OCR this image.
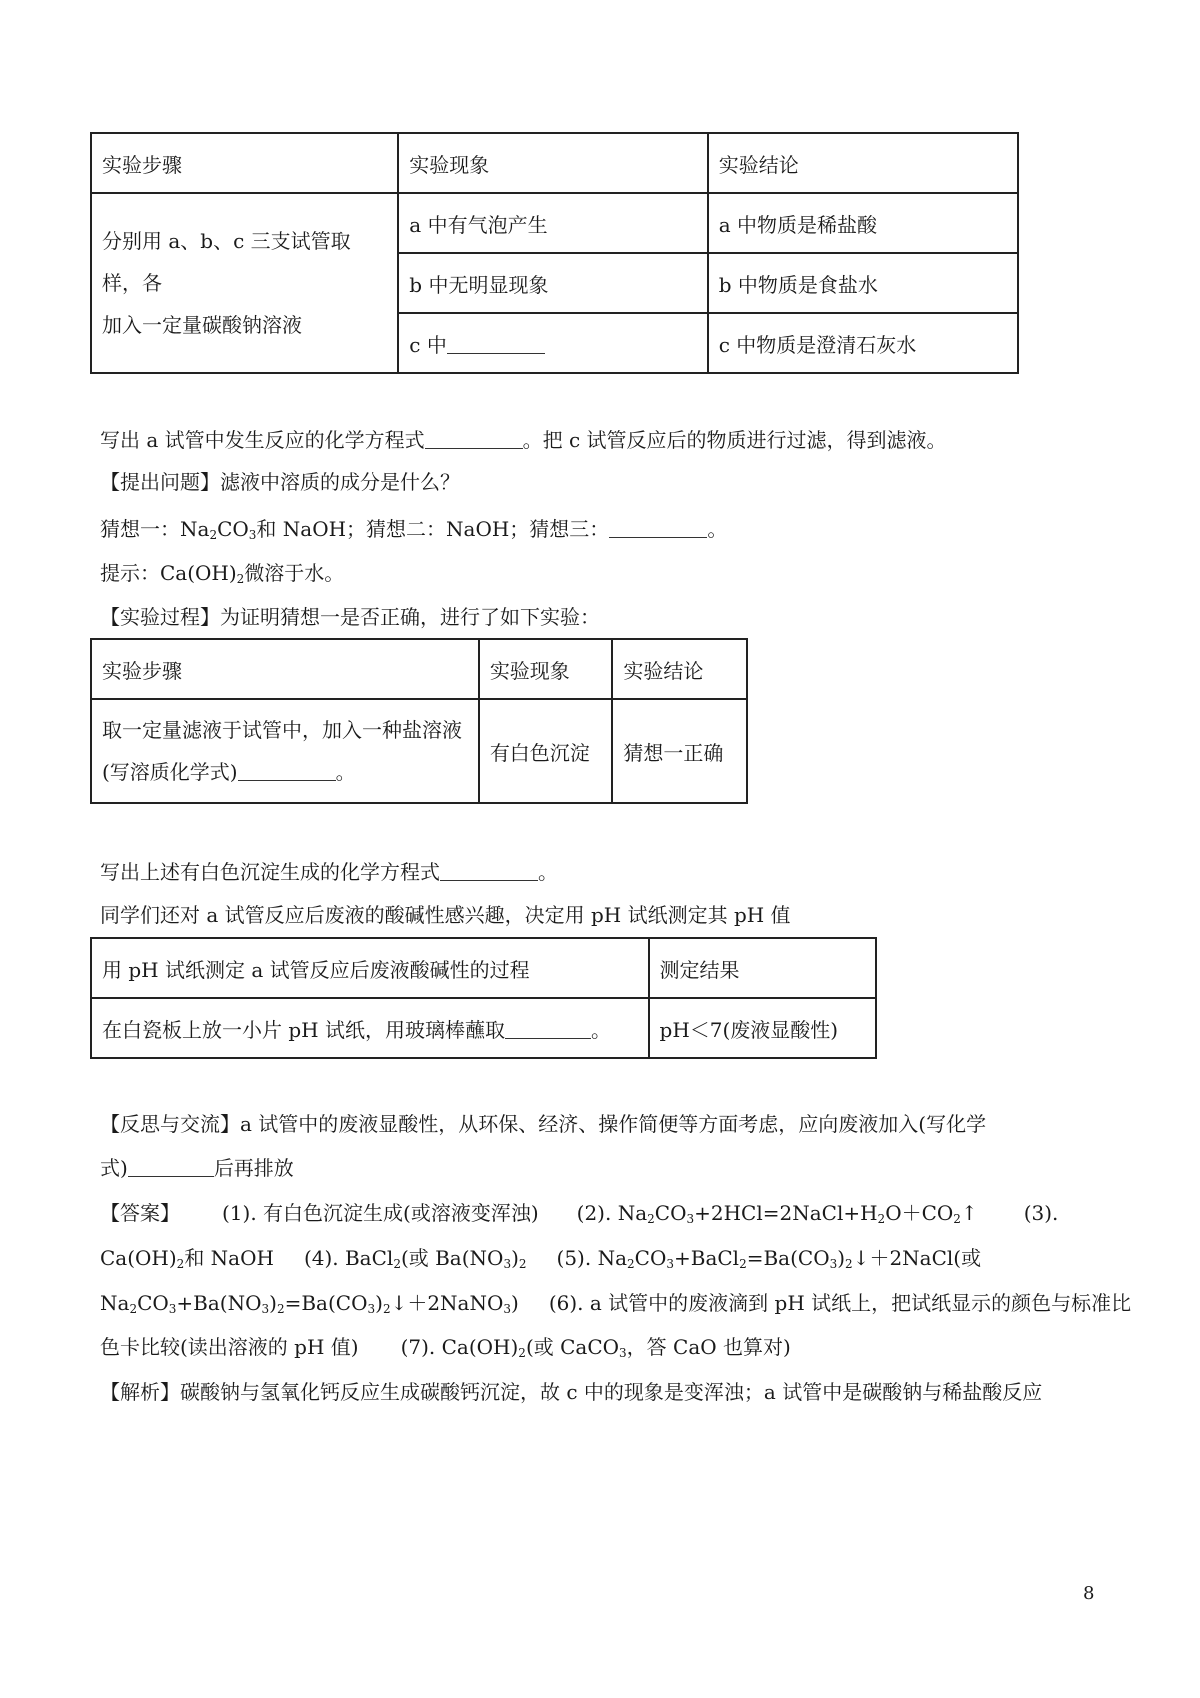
实验步骤	实验现象	实验结论

分别用 a、b、c 三支试管取样，各
加入一定量碳酸钠溶液	a 中有气泡产生	a 中物质是稀盐酸
	b 中无明显现象	b 中物质是食盐水
	c 中	c 中物质是澄清石灰水
写出 a 试管中发生反应的化学方程式	。把 c 试管反应后的物质进行过滤，得到滤液。
【提出问题】滤液中溶质的成分是什么？
猜想一：$Na_2CO_3$和 NaOH；猜想二：NaOH；猜想三：	。
提示：$Ca(OH)_2$微溶于水。
【实验过程】为证明猜想一是否正确，进行了如下实验：
实验步骤	实验现象	实验结论

取一定量滤液于试管中，加入一种盐溶液
(写溶质化学式) 。	有白色沉淀	猜想一正确
写出上述有白色沉淀生成的化学方程式	。
同学们还对 a 试管反应后废液的酸碱性感兴趣，决定用 pH 试纸测定其 pH 值
用 pH 试纸测定 a 试管反应后废液酸碱性的过程	测定结果
在白瓷板上放一小片 pH 试纸，用玻璃棒蘸取 。	pH＜7(废液显酸性)
【反思与交流】a 试管中的废液显酸性，从环保、经济、操作简便等方面考虑，应向废液加入(写化学
式)	后再排放
【答案】 (1). 有白色沉淀生成(或溶液变浑浊) (2). $Na_2CO_3+2HCl=2NaCl+H_2O+CO_2↑$ (3).
$Ca(OH)_2$和 NaOH (4). BaCl$_2$(或 $Ba(NO_3)_2$ (5). $Na_2CO_3+BaCl_2=Ba(CO_3)_2↓+2NaCl$(或
$Na_2CO_3+Ba(NO_3)_2=Ba(CO_3)_2↓+2NaNO_3$) (6). a 试管中的废液滴到 pH 试纸上，把试纸显示的颜色与标准比
色卡比较(读出溶液的 pH 值) (7). $Ca(OH)_2$(或 CaCO$_3$，答 CaO 也算对)
【解析】碳酸钠与氢氧化钙反应生成碳酸钙沉淀，故 c 中的现象是变浑浊；a 试管中是碳酸钠与稀盐酸反应
8
